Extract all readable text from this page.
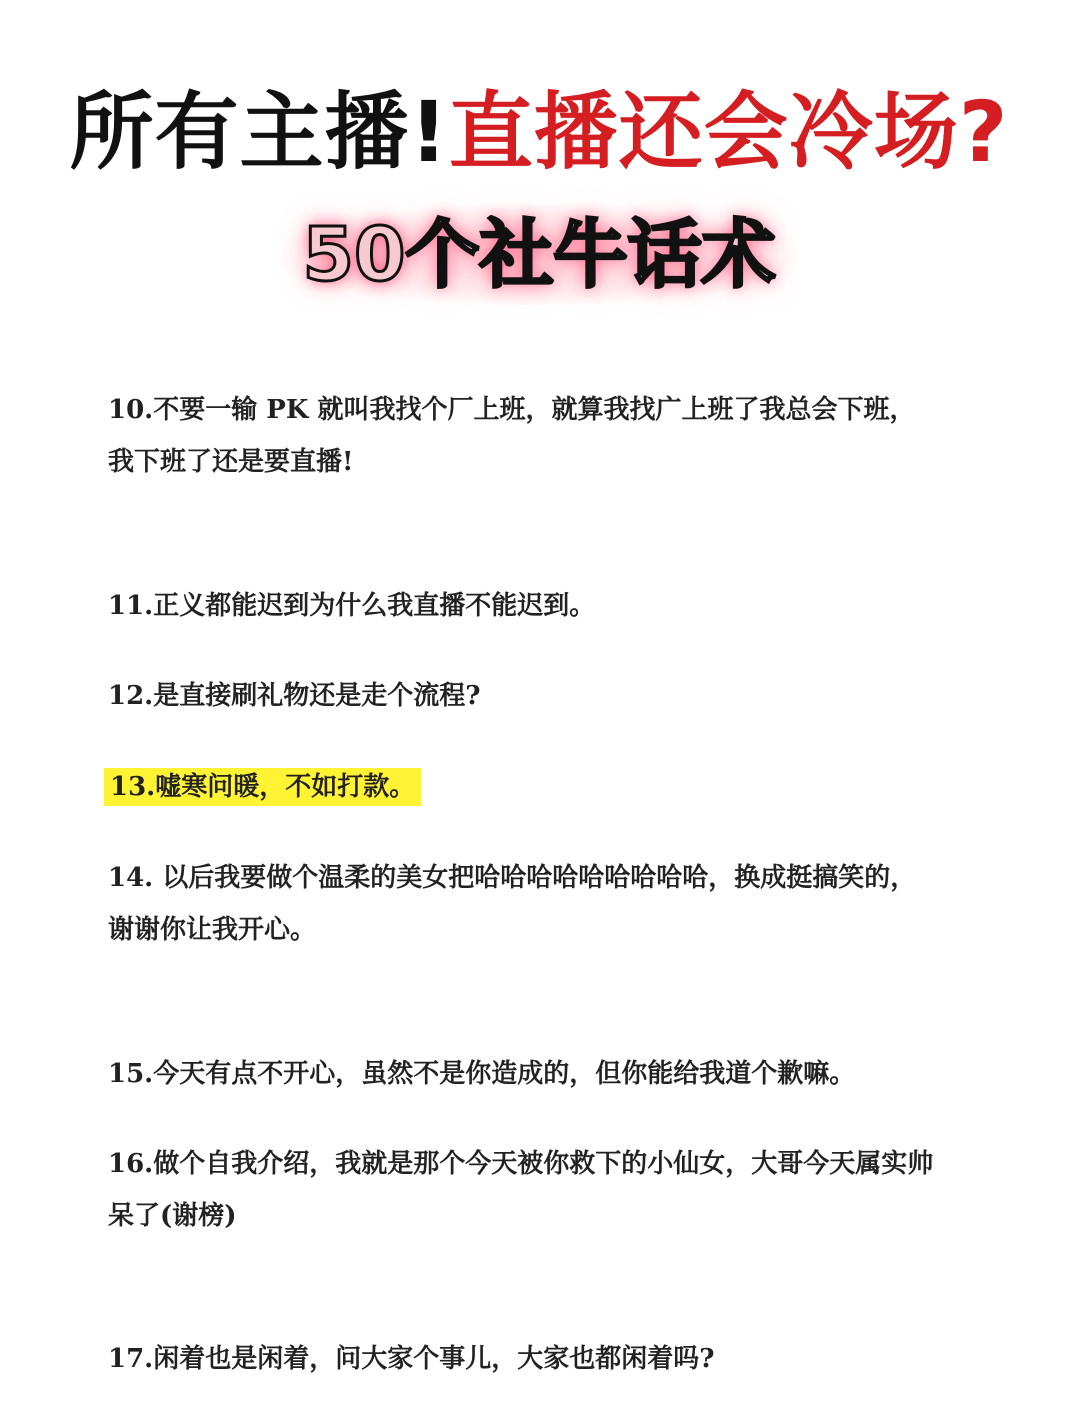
所有主播!直播还会冷场?
50个社牛话术

10.不要一输 PK 就叫我找个厂上班，就算我找广上班了我总会下班，我下班了还是要直播!

11.正义都能迟到为什么我直播不能迟到。

12.是直接刷礼物还是走个流程?

13.嘘寒问暖，不如打款。

14. 以后我要做个温柔的美女把哈哈哈哈哈哈哈哈哈，换成挺搞笑的，谢谢你让我开心。

15.今天有点不开心，虽然不是你造成的，但你能给我道个歉嘛。

16.做个自我介绍，我就是那个今天被你救下的小仙女，大哥今天属实帅呆了(谢榜)

17.闲着也是闲着，问大家个事儿，大家也都闲着吗?
